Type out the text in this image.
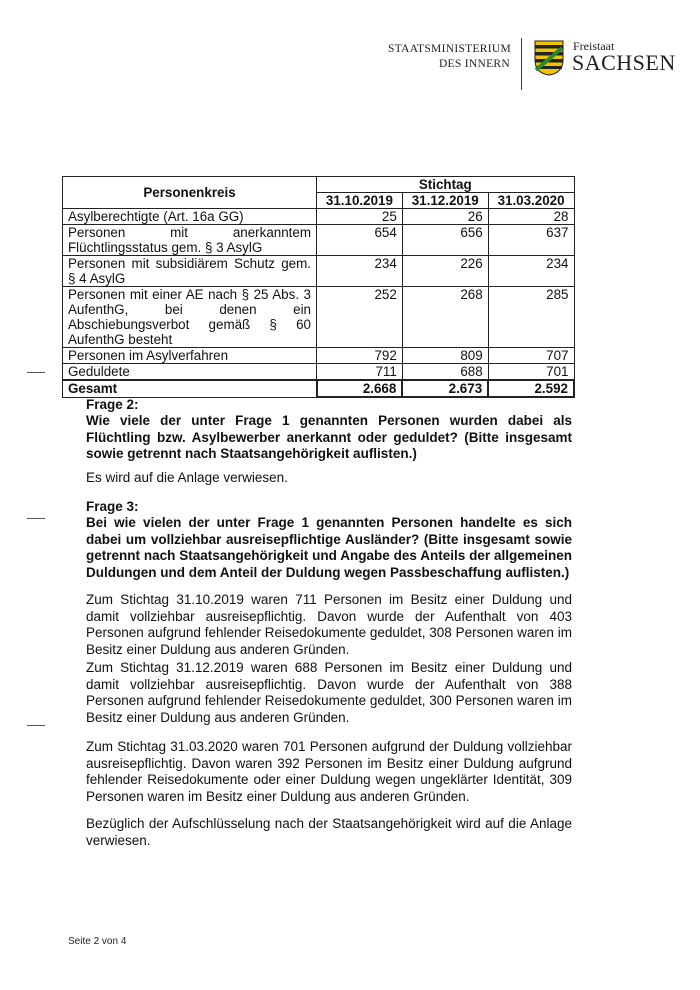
STAATSMINISTERIUM
DES INNERN
Freistaat
SACHSEN
Personenkreis	Stichtag		
	31.10.2019	31.12.2019	31.03.2020
Asylberechtigte (Art. 16a GG)	25	26	28
Personen mit anerkanntem Flüchtlingsstatus gem. § 3 AsylG	654	656	637
Personen mit subsidiärem Schutz gem. § 4 AsylG	234	226	234
Personen mit einer AE nach § 25 Abs. 3 AufenthG, bei denen ein Abschiebungsverbot gemäß § 60 AufenthG besteht	252	268	285
Personen im Asylverfahren	792	809	707
Geduldete	711	688	701
Gesamt	2.668	2.673	2.592
Frage 2:
Wie viele der unter Frage 1 genannten Personen wurden dabei als Flüchtling bzw. Asylbewerber anerkannt oder geduldet? (Bitte insgesamt sowie getrennt nach Staatsangehörigkeit auflisten.)
Es wird auf die Anlage verwiesen.
Frage 3:
Bei wie vielen der unter Frage 1 genannten Personen handelte es sich dabei um vollziehbar ausreisepflichtige Ausländer? (Bitte insgesamt sowie getrennt nach Staatsangehörigkeit und Angabe des Anteils der allgemeinen Duldungen und dem Anteil der Duldung wegen Passbeschaffung auflisten.)
Zum Stichtag 31.10.2019 waren 711 Personen im Besitz einer Duldung und damit vollziehbar ausreisepflichtig. Davon wurde der Aufenthalt von 403 Personen aufgrund fehlender Reisedokumente geduldet, 308 Personen waren im Besitz einer Duldung aus anderen Gründen.
Zum Stichtag 31.12.2019 waren 688 Personen im Besitz einer Duldung und damit vollziehbar ausreisepflichtig. Davon wurde der Aufenthalt von 388 Personen aufgrund fehlender Reisedokumente geduldet, 300 Personen waren im Besitz einer Duldung aus anderen Gründen.
Zum Stichtag 31.03.2020 waren 701 Personen aufgrund der Duldung vollziehbar ausreisepflichtig. Davon waren 392 Personen im Besitz einer Duldung aufgrund fehlender Reisedokumente oder einer Duldung wegen ungeklärter Identität, 309 Personen waren im Besitz einer Duldung aus anderen Gründen.
Bezüglich der Aufschlüsselung nach der Staatsangehörigkeit wird auf die Anlage verwiesen.
Seite 2 von 4
